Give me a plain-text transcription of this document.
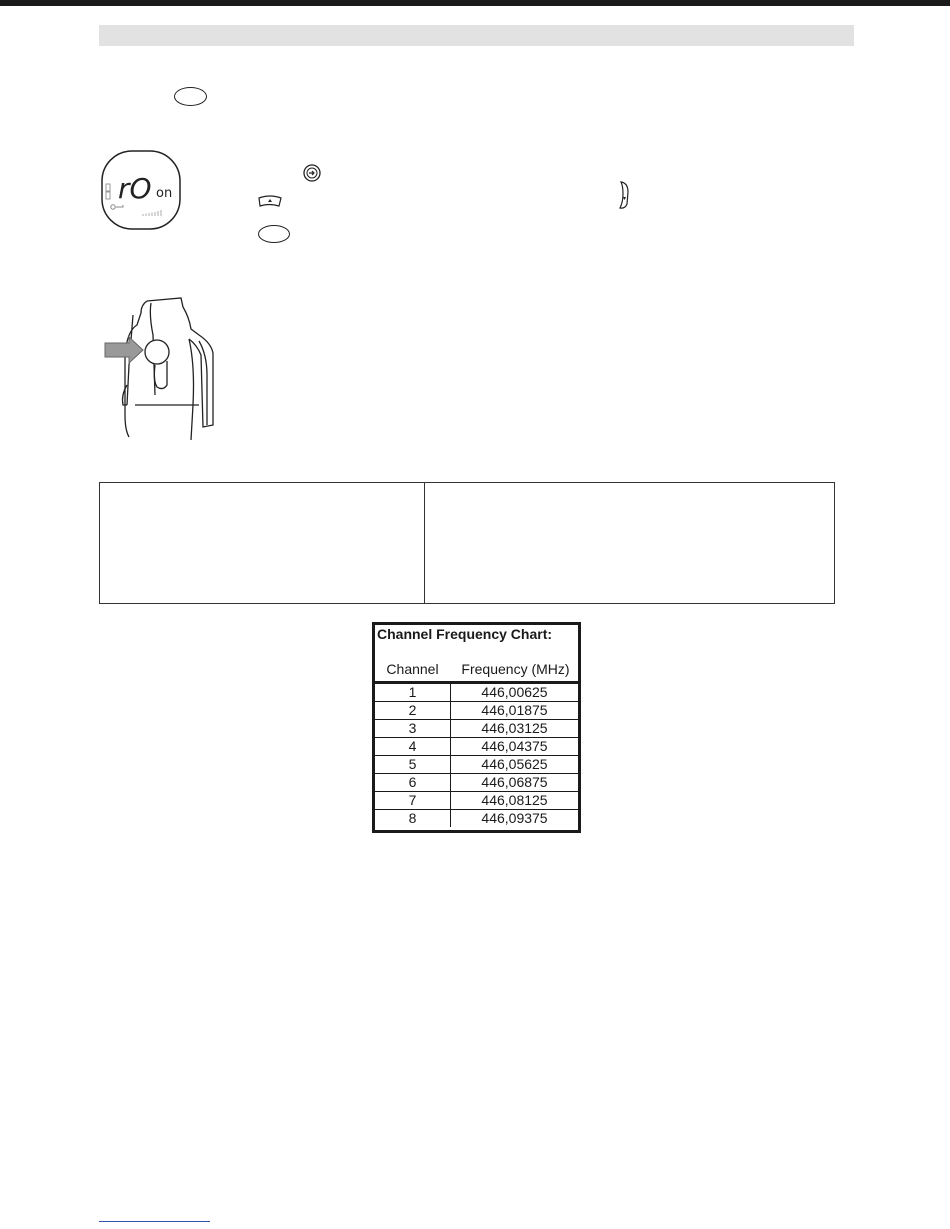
rO on
Channel Frequency Chart:
Channel	Frequency (MHz)
1	446,00625
2	446,01875
3	446,03125
4	446,04375
5	446,05625
6	446,06875
7	446,08125
8	446,09375
